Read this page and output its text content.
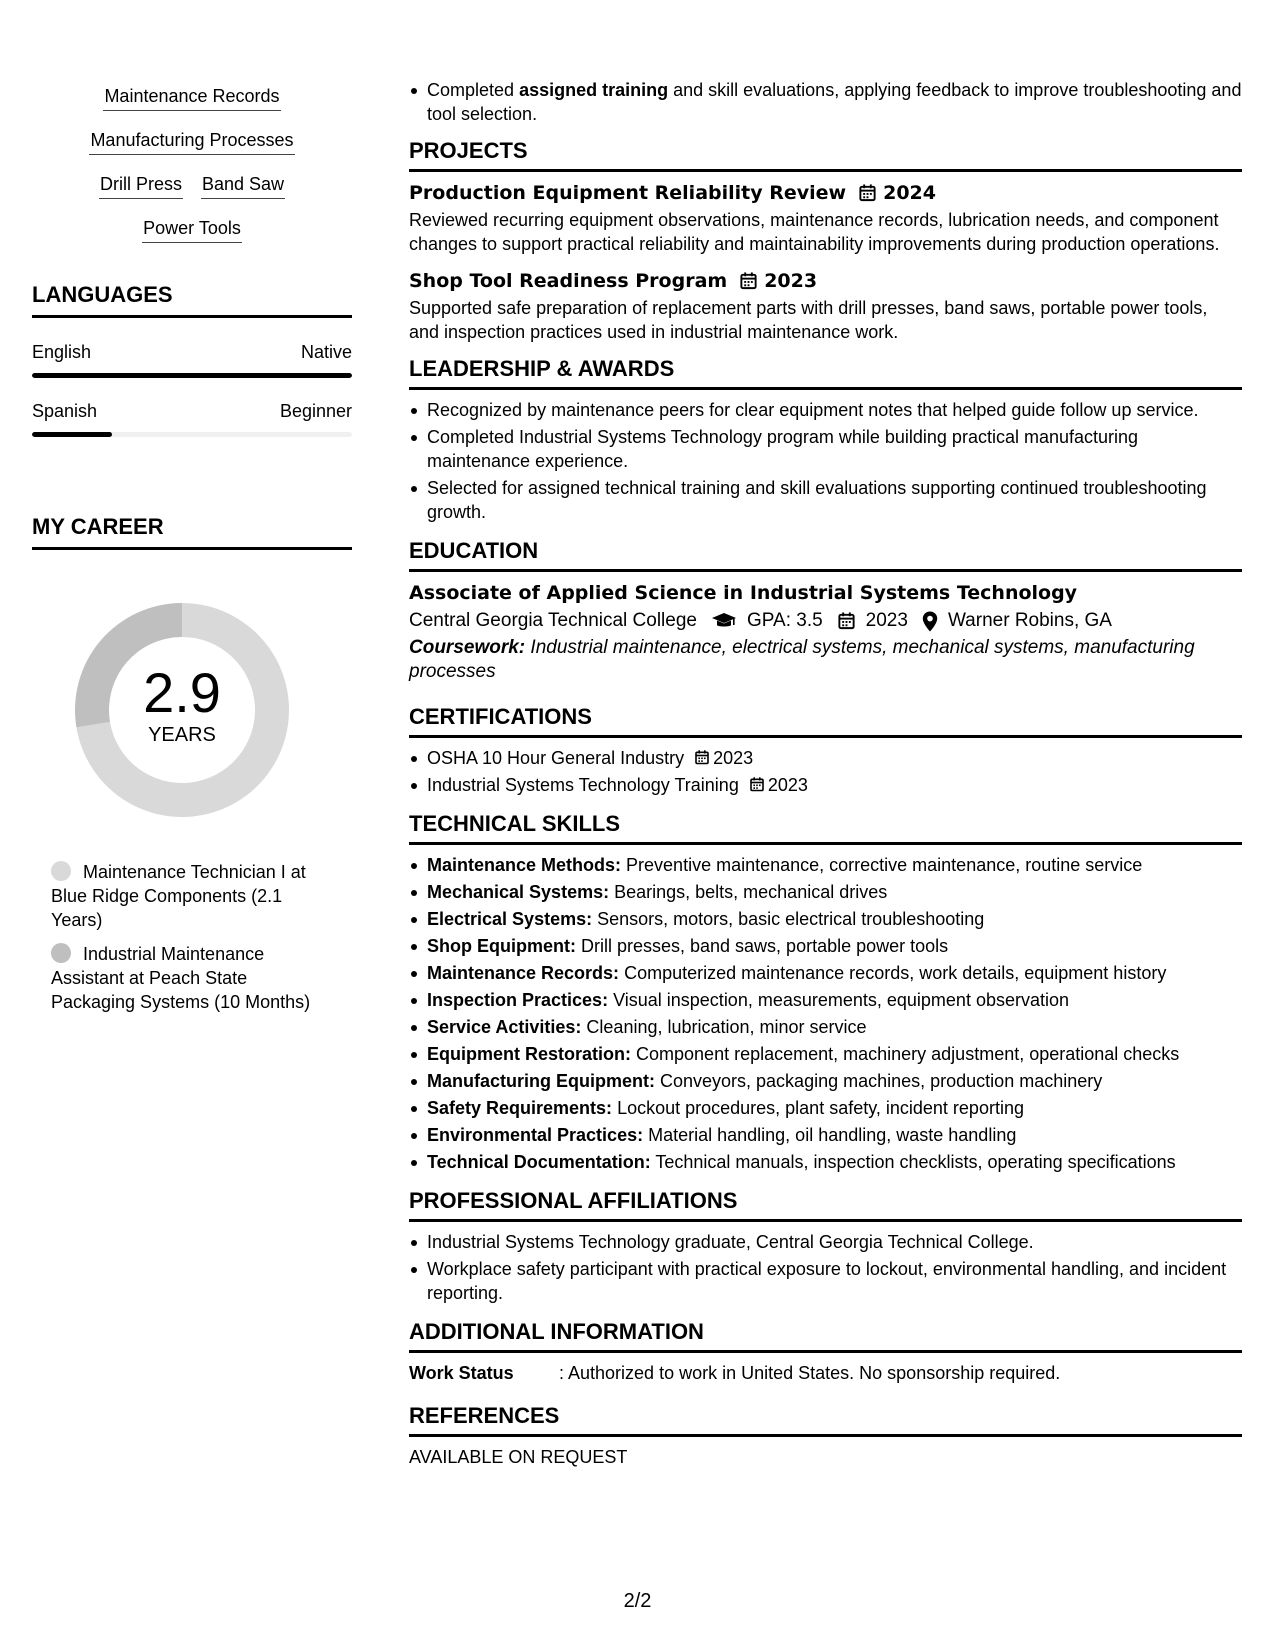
Maintenance Records
Manufacturing Processes
Drill Press Band Saw
Power Tools
LANGUAGES
English	Native
Spanish	Beginner
MY CAREER
2.9
YEARS
Maintenance Technician I at Blue Ridge Components (2.1 Years)
Industrial Maintenance Assistant at Peach State Packaging Systems (10 Months)
Completed assigned training and skill evaluations, applying feedback to improve troubleshooting and tool selection.
PROJECTS
Production Equipment Reliability Review 2024
Reviewed recurring equipment observations, maintenance records, lubrication needs, and component changes to support practical reliability and maintainability improvements during production operations.
Shop Tool Readiness Program 2023
Supported safe preparation of replacement parts with drill presses, band saws, portable power tools, and inspection practices used in industrial maintenance work.
LEADERSHIP & AWARDS
Recognized by maintenance peers for clear equipment notes that helped guide follow up service.
Completed Industrial Systems Technology program while building practical manufacturing maintenance experience.
Selected for assigned technical training and skill evaluations supporting continued troubleshooting growth.
EDUCATION
Associate of Applied Science in Industrial Systems Technology
Central Georgia Technical College	GPA: 3.5 2023 Warner Robins, GA
Coursework: Industrial maintenance, electrical systems, mechanical systems, manufacturing processes
CERTIFICATIONS
OSHA 10 Hour General Industry 2023
Industrial Systems Technology Training 2023
TECHNICAL SKILLS
Maintenance Methods: Preventive maintenance, corrective maintenance, routine service
Mechanical Systems: Bearings, belts, mechanical drives
Electrical Systems: Sensors, motors, basic electrical troubleshooting
Shop Equipment: Drill presses, band saws, portable power tools
Maintenance Records: Computerized maintenance records, work details, equipment history
Inspection Practices: Visual inspection, measurements, equipment observation
Service Activities: Cleaning, lubrication, minor service
Equipment Restoration: Component replacement, machinery adjustment, operational checks
Manufacturing Equipment: Conveyors, packaging machines, production machinery
Safety Requirements: Lockout procedures, plant safety, incident reporting
Environmental Practices: Material handling, oil handling, waste handling
Technical Documentation: Technical manuals, inspection checklists, operating specifications
PROFESSIONAL AFFILIATIONS
Industrial Systems Technology graduate, Central Georgia Technical College.
Workplace safety participant with practical exposure to lockout, environmental handling, and incident reporting.
ADDITIONAL INFORMATION
Work Status	: Authorized to work in United States. No sponsorship required.
REFERENCES
AVAILABLE ON REQUEST
2/2
